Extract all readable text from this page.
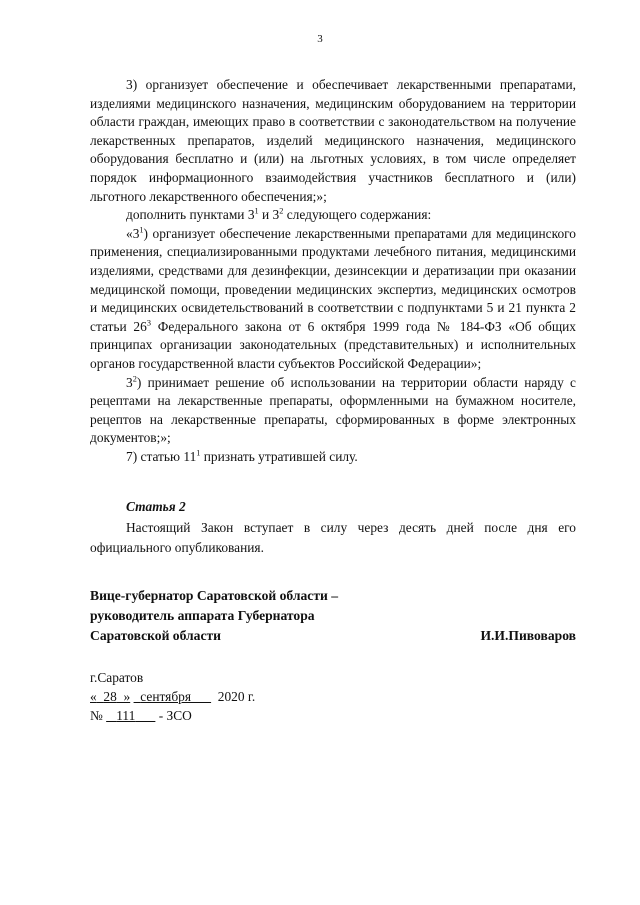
3

3) организует обеспечение и обеспечивает лекарственными препаратами, изделиями медицинского назначения, медицинским оборудованием на территории области граждан, имеющих право в соответствии с законодательством на получение лекарственных препаратов, изделий медицинского назначения, медицинского оборудования бесплатно и (или) на льготных условиях, в том числе определяет порядок информационного взаимодействия участников бесплатного и (или) льготного лекарственного обеспечения;»;

дополнить пунктами $3^1$ и $3^2$ следующего содержания:

«$3^1$) организует обеспечение лекарственными препаратами для медицинского применения, специализированными продуктами лечебного питания, медицинскими изделиями, средствами для дезинфекции, дезинсекции и дератизации при оказании медицинской помощи, проведении медицинских экспертиз, медицинских осмотров и медицинских освидетельствований в соответствии с подпунктами 5 и 21 пункта 2 статьи $26^3$ Федерального закона от 6 октября 1999 года № 184-ФЗ «Об общих принципах организации законодательных (представительных) и исполнительных органов государственной власти субъектов Российской Федерации»;

$3^2$) принимает решение об использовании на территории области наряду с рецептами на лекарственные препараты, оформленными на бумажном носителе, рецептов на лекарственные препараты, сформированных в форме электронных документов;»;

7) статью $11^1$ признать утратившей силу.

Статья 2

Настоящий Закон вступает в силу через десять дней после дня его официального опубликования.

Вице-губернатор Саратовской области –

руководитель аппарата Губернатора

Саратовской области	И.И.Пивоваров
г.Саратов
« 28 » сентября 2020 г.
№ 111 - ЗСО
